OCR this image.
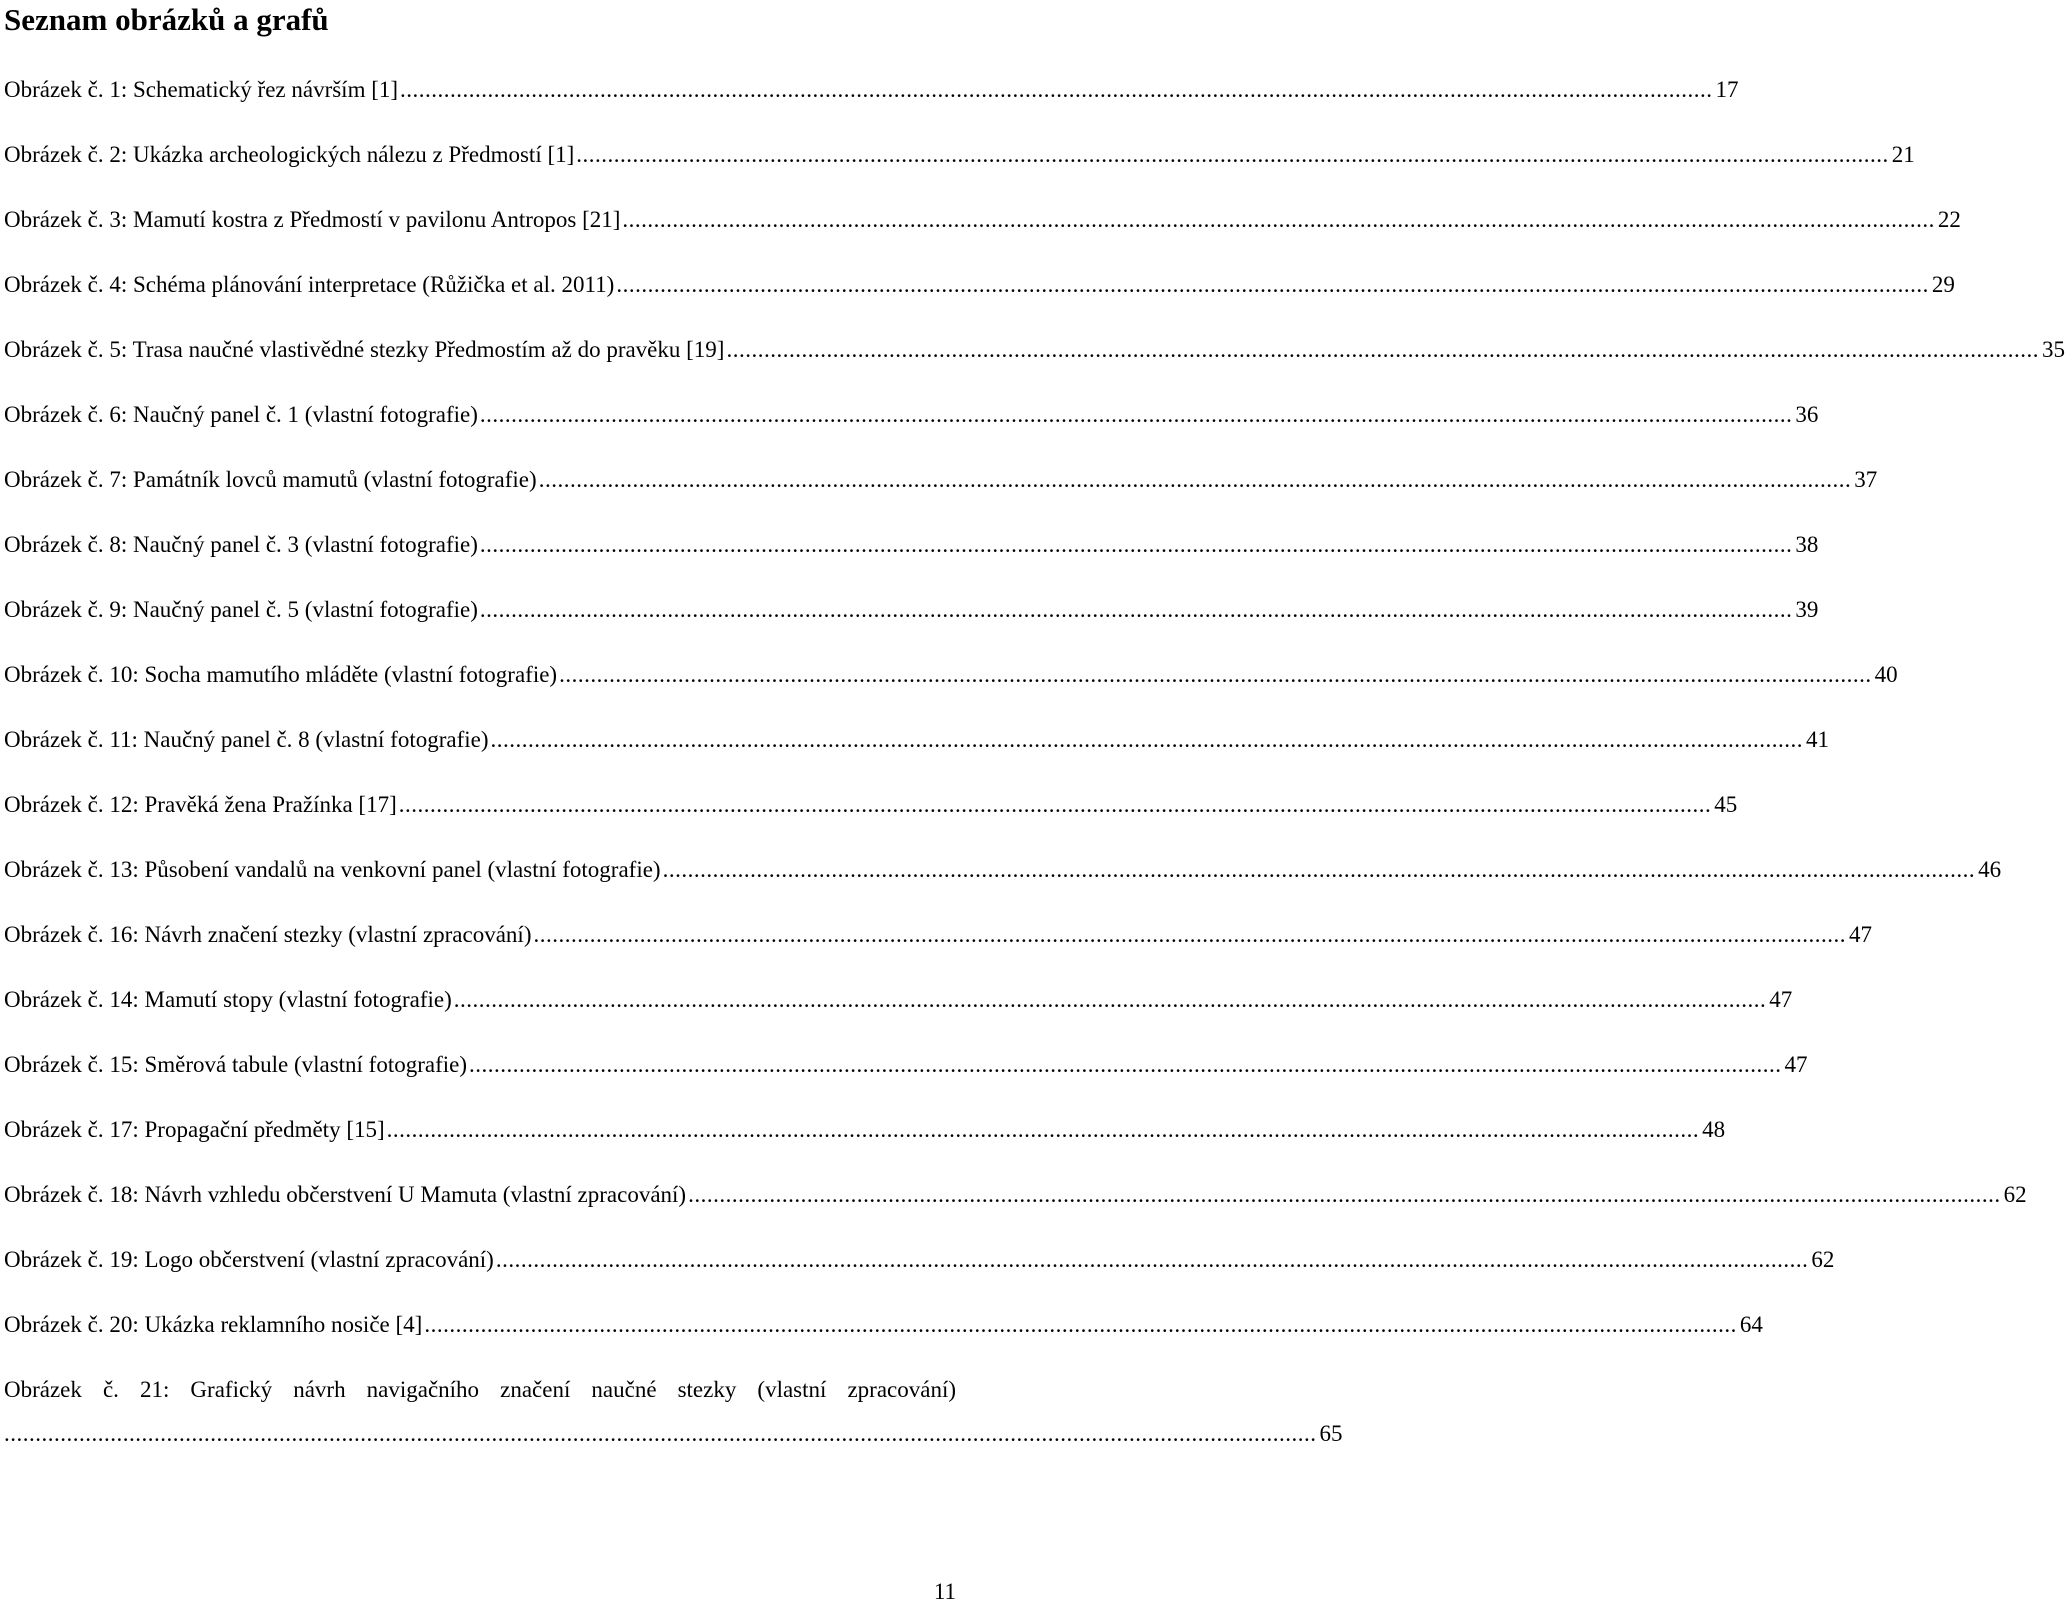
Seznam obrázků a grafů
Obrázek č. 1: Schematický řez návrším [1] .................................................................................................................................................................................................................. 17
Obrázek č. 2: Ukázka archeologických nálezu z Předmostí [1] .................................................................................................................................................................................................................. 21
Obrázek č. 3: Mamutí kostra z Předmostí v pavilonu Antropos [21] .................................................................................................................................................................................................................. 22
Obrázek č. 4: Schéma plánování interpretace (Růžička et al. 2011) .................................................................................................................................................................................................................. 29
Obrázek č. 5: Trasa naučné vlastivědné stezky Předmostím až do pravěku [19] .................................................................................................................................................................................................................. 35
Obrázek č. 6: Naučný panel č. 1 (vlastní fotografie) .................................................................................................................................................................................................................. 36
Obrázek č. 7: Památník lovců mamutů (vlastní fotografie) .................................................................................................................................................................................................................. 37
Obrázek č. 8: Naučný panel č. 3 (vlastní fotografie) .................................................................................................................................................................................................................. 38
Obrázek č. 9: Naučný panel č. 5 (vlastní fotografie) .................................................................................................................................................................................................................. 39
Obrázek č. 10: Socha mamutího mláděte (vlastní fotografie) .................................................................................................................................................................................................................. 40
Obrázek č. 11: Naučný panel č. 8 (vlastní fotografie) .................................................................................................................................................................................................................. 41
Obrázek č. 12: Pravěká žena Pražínka [17] .................................................................................................................................................................................................................. 45
Obrázek č. 13: Působení vandalů na venkovní panel (vlastní fotografie) .................................................................................................................................................................................................................. 46
Obrázek č. 16: Návrh značení stezky (vlastní zpracování) .................................................................................................................................................................................................................. 47
Obrázek č. 14: Mamutí stopy (vlastní fotografie) .................................................................................................................................................................................................................. 47
Obrázek č. 15: Směrová tabule (vlastní fotografie) .................................................................................................................................................................................................................. 47
Obrázek č. 17: Propagační předměty [15] .................................................................................................................................................................................................................. 48
Obrázek č. 18: Návrh vzhledu občerstvení U Mamuta (vlastní zpracování) .................................................................................................................................................................................................................. 62
Obrázek č. 19: Logo občerstvení (vlastní zpracování) .................................................................................................................................................................................................................. 62
Obrázek č. 20: Ukázka reklamního nosiče [4] .................................................................................................................................................................................................................. 64
Obrázek č. 21: Grafický návrh navigačního značení naučné stezky (vlastní zpracování)
.................................................................................................................................................................................................................. 65
11
